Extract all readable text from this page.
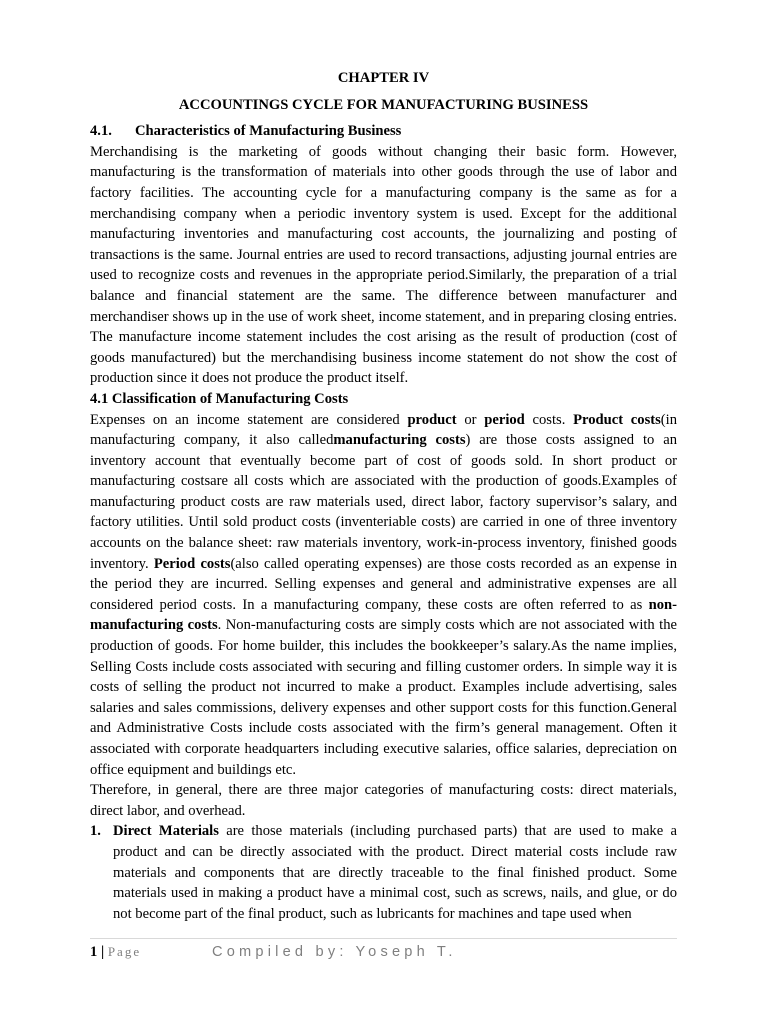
CHAPTER IV
ACCOUNTINGS CYCLE FOR MANUFACTURING BUSINESS
4.1. Characteristics of Manufacturing Business

Merchandising is the marketing of goods without changing their basic form. However, manufacturing is the transformation of materials into other goods through the use of labor and factory facilities. The accounting cycle for a manufacturing company is the same as for a merchandising company when a periodic inventory system is used. Except for the additional manufacturing inventories and manufacturing cost accounts, the journalizing and posting of transactions is the same. Journal entries are used to record transactions, adjusting journal entries are used to recognize costs and revenues in the appropriate period.Similarly, the preparation of a trial balance and financial statement are the same. The difference between manufacturer and merchandiser shows up in the use of work sheet, income statement, and in preparing closing entries. The manufacture income statement includes the cost arising as the result of production (cost of goods manufactured) but the merchandising business income statement do not show the cost of production since it does not produce the product itself.

4.1 Classification of Manufacturing Costs

Expenses on an income statement are considered product or period costs. Product costs(in manufacturing company, it also calledmanufacturing costs) are those costs assigned to an inventory account that eventually become part of cost of goods sold. In short product or manufacturing costsare all costs which are associated with the production of goods.Examples of manufacturing product costs are raw materials used, direct labor, factory supervisor’s salary, and factory utilities. Until sold product costs (inventeriable costs) are carried in one of three inventory accounts on the balance sheet: raw materials inventory, work-in-process inventory, finished goods inventory. Period costs(also called operating expenses) are those costs recorded as an expense in the period they are incurred. Selling expenses and general and administrative expenses are all considered period costs. In a manufacturing company, these costs are often referred to as non-manufacturing costs. Non-manufacturing costs are simply costs which are not associated with the production of goods. For home builder, this includes the bookkeeper’s salary.As the name implies, Selling Costs include costs associated with securing and filling customer orders. In simple way it is costs of selling the product not incurred to make a product. Examples include advertising, sales salaries and sales commissions, delivery expenses and other support costs for this function.General and Administrative Costs include costs associated with the firm’s general management. Often it associated with corporate headquarters including executive salaries, office salaries, depreciation on office equipment and buildings etc.

Therefore, in general, there are three major categories of manufacturing costs: direct materials, direct labor, and overhead.

1. Direct Materials are those materials (including purchased parts) that are used to make a product and can be directly associated with the product. Direct material costs include raw materials and components that are directly traceable to the final finished product. Some materials used in making a product have a minimal cost, such as screws, nails, and glue, or do not become part of the final product, such as lubricants for machines and tape used when
1 | Page	Compiled by: Yoseph T.
